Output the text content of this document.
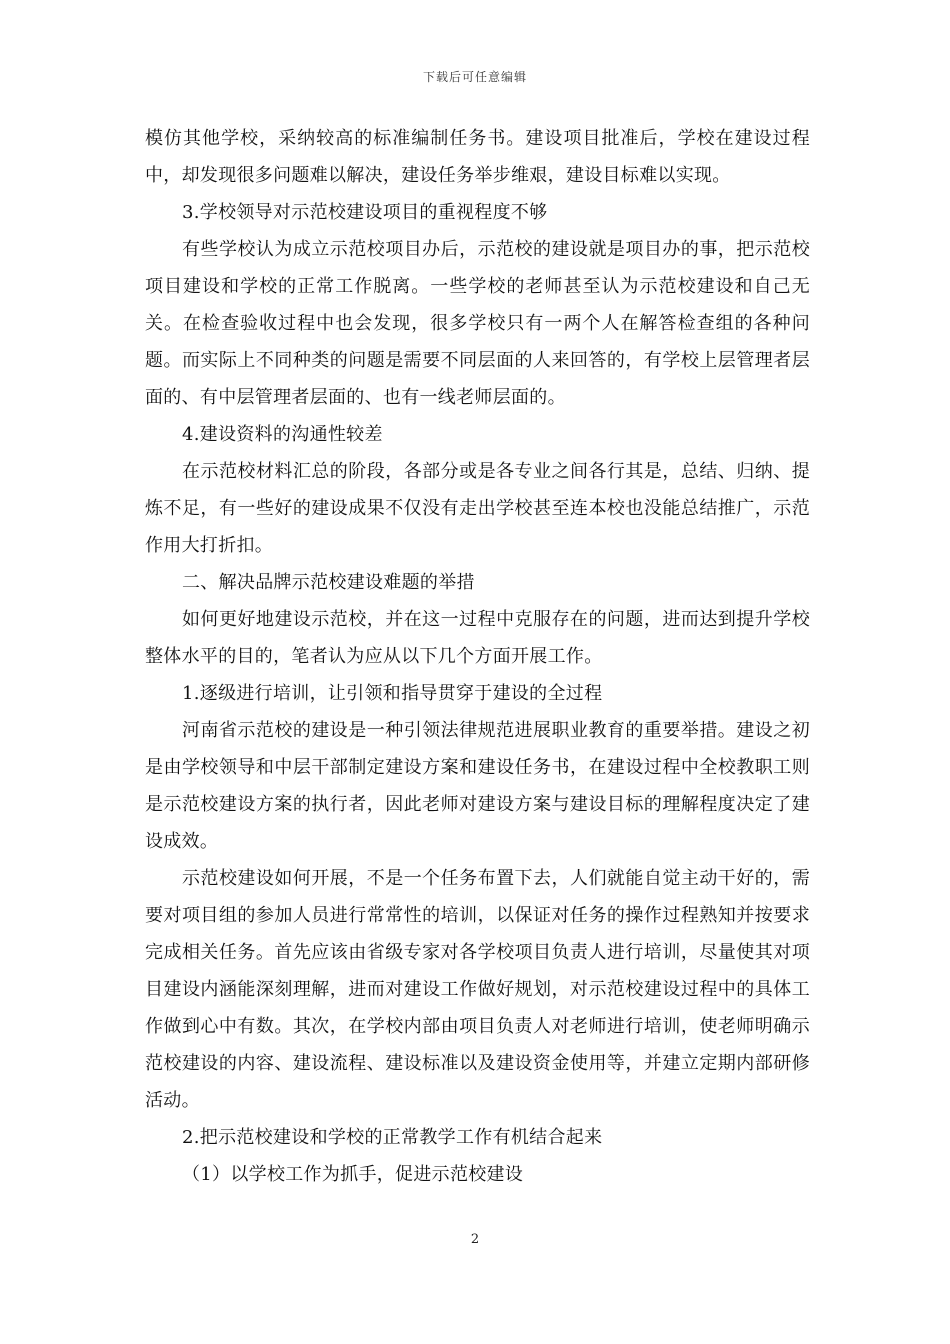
下载后可任意编辑

模仿其他学校，采纳较高的标准编制任务书。建设项目批准后，学校在建设过程中，却发现很多问题难以解决，建设任务举步维艰，建设目标难以实现。

3.学校领导对示范校建设项目的重视程度不够

有些学校认为成立示范校项目办后，示范校的建设就是项目办的事，把示范校项目建设和学校的正常工作脱离。一些学校的老师甚至认为示范校建设和自己无关。在检查验收过程中也会发现，很多学校只有一两个人在解答检查组的各种问题。而实际上不同种类的问题是需要不同层面的人来回答的，有学校上层管理者层面的、有中层管理者层面的、也有一线老师层面的。

4.建设资料的沟通性较差

在示范校材料汇总的阶段，各部分或是各专业之间各行其是，总结、归纳、提炼不足，有一些好的建设成果不仅没有走出学校甚至连本校也没能总结推广，示范作用大打折扣。

二、解决品牌示范校建设难题的举措

如何更好地建设示范校，并在这一过程中克服存在的问题，进而达到提升学校整体水平的目的，笔者认为应从以下几个方面开展工作。

1.逐级进行培训，让引领和指导贯穿于建设的全过程

河南省示范校的建设是一种引领法律规范进展职业教育的重要举措。建设之初是由学校领导和中层干部制定建设方案和建设任务书，在建设过程中全校教职工则是示范校建设方案的执行者，因此老师对建设方案与建设目标的理解程度决定了建设成效。

示范校建设如何开展，不是一个任务布置下去，人们就能自觉主动干好的，需要对项目组的参加人员进行常常性的培训，以保证对任务的操作过程熟知并按要求完成相关任务。首先应该由省级专家对各学校项目负责人进行培训，尽量使其对项目建设内涵能深刻理解，进而对建设工作做好规划，对示范校建设过程中的具体工作做到心中有数。其次，在学校内部由项目负责人对老师进行培训，使老师明确示范校建设的内容、建设流程、建设标准以及建设资金使用等，并建立定期内部研修活动。

2.把示范校建设和学校的正常教学工作有机结合起来

（1）以学校工作为抓手，促进示范校建设

2
